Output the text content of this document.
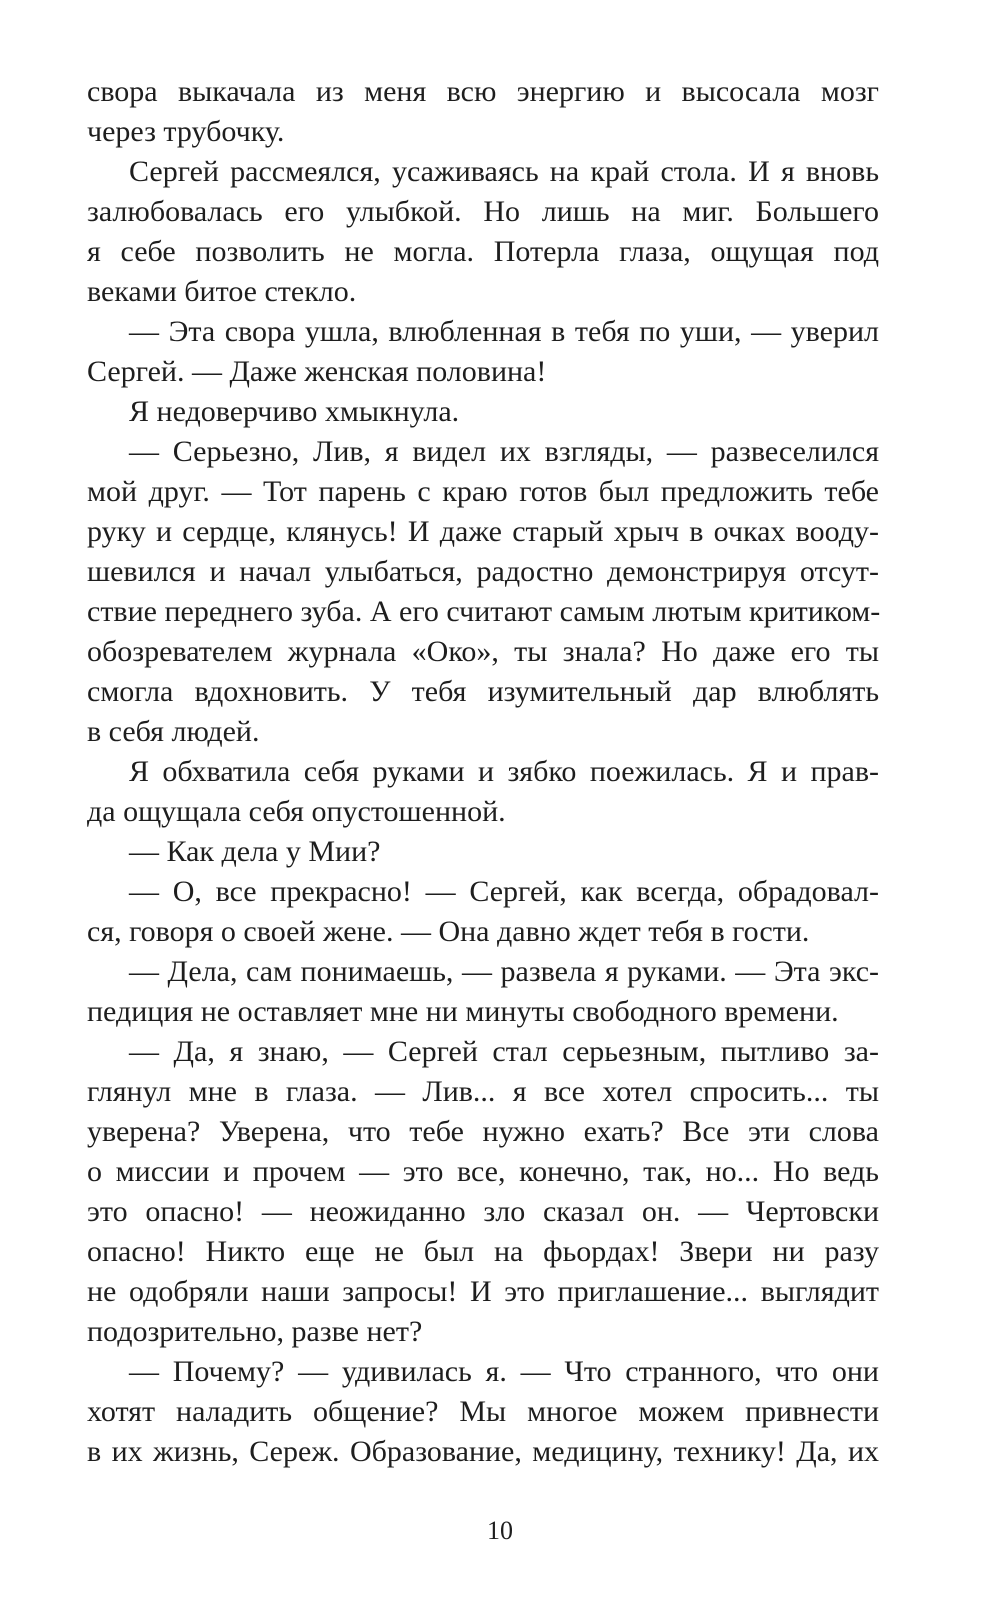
свора выкачала из меня всю энергию и высосала мозг
через трубочку.
Сергей рассмеялся, усаживаясь на край стола. И я вновь
залюбовалась его улыбкой. Но лишь на миг. Большего
я себе позволить не могла. Потерла глаза, ощущая под
веками битое стекло.
— Эта свора ушла, влюбленная в тебя по уши, — уверил
Сергей. — Даже женская половина!
Я недоверчиво хмыкнула.
— Серьезно, Лив, я видел их взгляды, — развеселился
мой друг. — Тот парень с краю готов был предложить тебе
руку и сердце, клянусь! И даже старый хрыч в очках вооду-
шевился и начал улыбаться, радостно демонстрируя отсут-
ствие переднего зуба. А его считают самым лютым критиком-
обозревателем журнала «Око», ты знала? Но даже его ты
смогла вдохновить. У тебя изумительный дар влюблять
в себя людей.
Я обхватила себя руками и зябко поежилась. Я и прав-
да ощущала себя опустошенной.
— Как дела у Мии?
— О, все прекрасно! — Сергей, как всегда, обрадовал-
ся, говоря о своей жене. — Она давно ждет тебя в гости.
— Дела, сам понимаешь, — развела я руками. — Эта экс-
педиция не оставляет мне ни минуты свободного времени.
— Да, я знаю, — Сергей стал серьезным, пытливо за-
глянул мне в глаза. — Лив... я все хотел спросить... ты
уверена? Уверена, что тебе нужно ехать? Все эти слова
о миссии и прочем — это все, конечно, так, но... Но ведь
это опасно! — неожиданно зло сказал он. — Чертовски
опасно! Никто еще не был на фьордах! Звери ни разу
не одобряли наши запросы! И это приглашение... выглядит
подозрительно, разве нет?
— Почему? — удивилась я. — Что странного, что они
хотят наладить общение? Мы многое можем привнести
в их жизнь, Сереж. Образование, медицину, технику! Да, их
10
